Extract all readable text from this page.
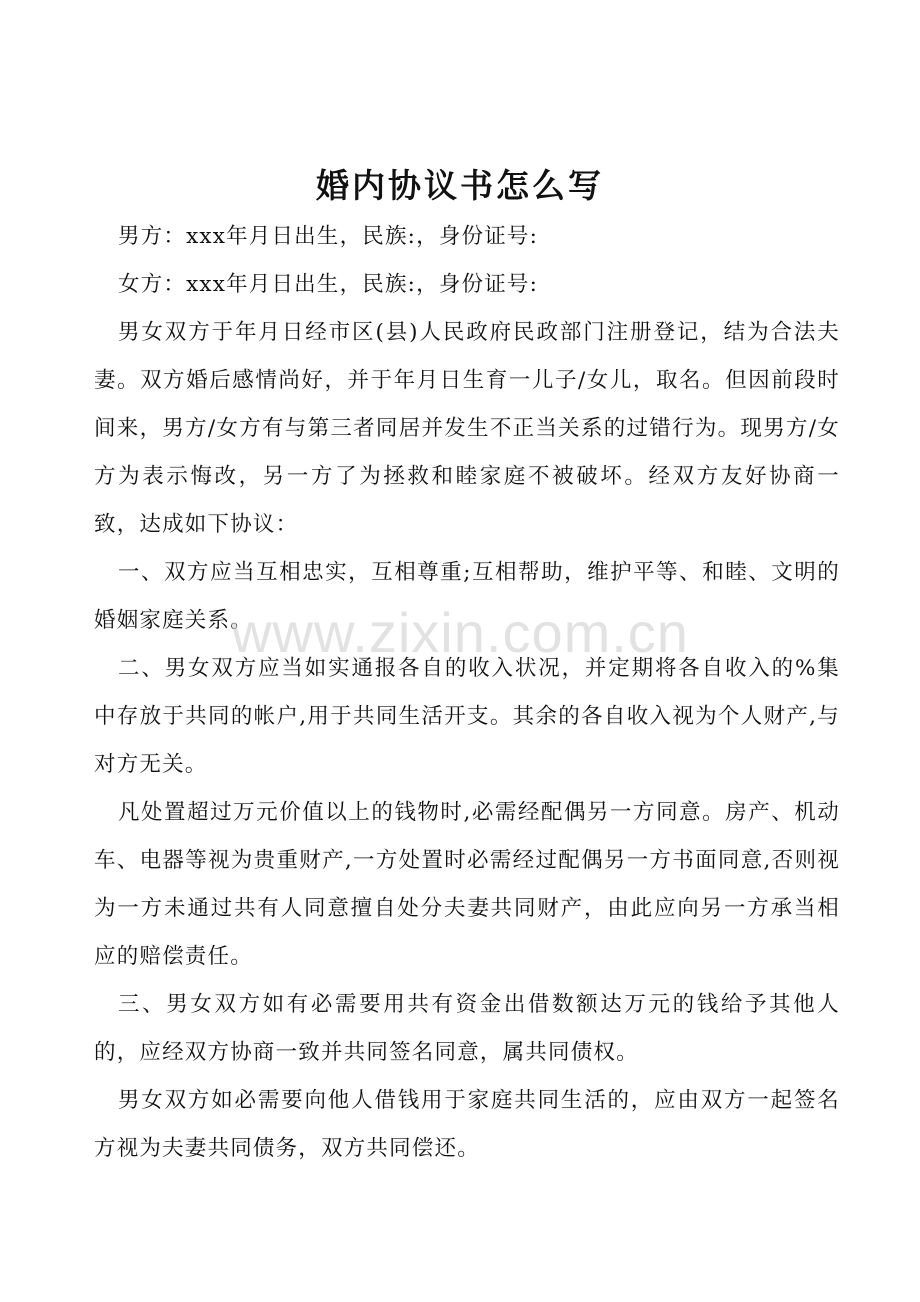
婚内协议书怎么写

男方：xxx年月日出生，民族:，身份证号:

女方：xxx年月日出生，民族:，身份证号:

男女双方于年月日经市区(县)人民政府民政部门注册登记，结为合法夫妻。双方婚后感情尚好，并于年月日生育一儿子/女儿，取名。但因前段时间来，男方/女方有与第三者同居并发生不正当关系的过错行为。现男方/女方为表示悔改，另一方了为拯救和睦家庭不被破坏。经双方友好协商一致，达成如下协议：

一、双方应当互相忠实，互相尊重;互相帮助，维护平等、和睦、文明的婚姻家庭关系。

二、男女双方应当如实通报各自的收入状况，并定期将各自收入的%集中存放于共同的帐户,用于共同生活开支。其余的各自收入视为个人财产,与对方无关。

凡处置超过万元价值以上的钱物时,必需经配偶另一方同意。房产、机动车、电器等视为贵重财产,一方处置时必需经过配偶另一方书面同意,否则视为一方未通过共有人同意擅自处分夫妻共同财产，由此应向另一方承当相应的赔偿责任。

三、男女双方如有必需要用共有资金出借数额达万元的钱给予其他人的，应经双方协商一致并共同签名同意，属共同债权。

男女双方如必需要向他人借钱用于家庭共同生活的，应由双方一起签名方视为夫妻共同债务，双方共同偿还。

www.zixin.com.cn
